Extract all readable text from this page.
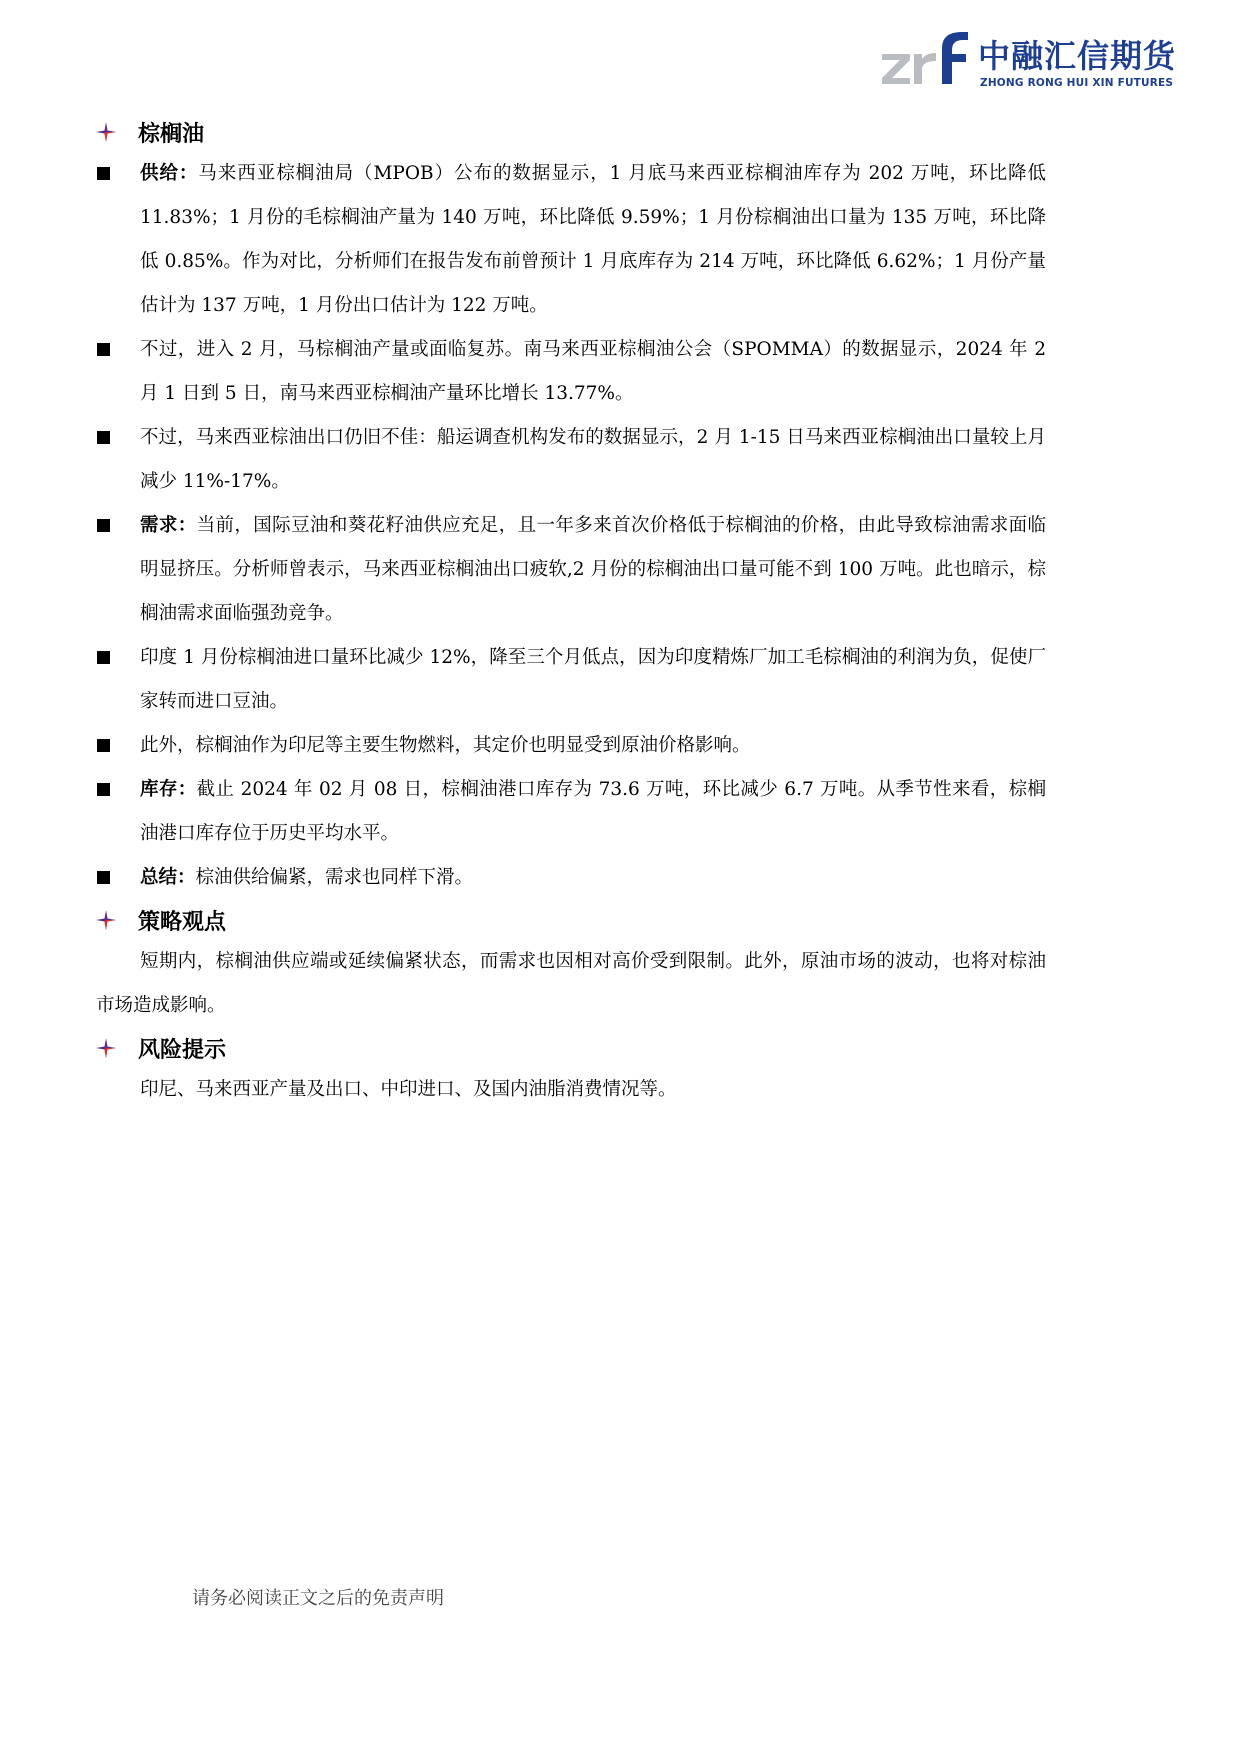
中融汇信期货
ZHONG RONG HUI XIN FUTURES
棕榈油

供给：马来西亚棕榈油局（MPOB）公布的数据显示，1 月底马来西亚棕榈油库存为 202 万吨，环比降低 11.83%；1 月份的毛棕榈油产量为 140 万吨，环比降低 9.59%；1 月份棕榈油出口量为 135 万吨，环比降低 0.85%。作为对比，分析师们在报告发布前曾预计 1 月底库存为 214 万吨，环比降低 6.62%；1 月份产量估计为 137 万吨，1 月份出口估计为 122 万吨。

不过，进入 2 月，马棕榈油产量或面临复苏。南马来西亚棕榈油公会（SPOMMA）的数据显示，2024 年 2 月 1 日到 5 日，南马来西亚棕榈油产量环比增长 13.77%。

不过，马来西亚棕油出口仍旧不佳：船运调查机构发布的数据显示，2 月 1-15 日马来西亚棕榈油出口量较上月减少 11%-17%。

需求：当前，国际豆油和葵花籽油供应充足，且一年多来首次价格低于棕榈油的价格，由此导致棕油需求面临明显挤压。分析师曾表示，马来西亚棕榈油出口疲软,2 月份的棕榈油出口量可能不到 100 万吨。此也暗示，棕榈油需求面临强劲竞争。

印度 1 月份棕榈油进口量环比减少 12%，降至三个月低点，因为印度精炼厂加工毛棕榈油的利润为负，促使厂家转而进口豆油。

此外，棕榈油作为印尼等主要生物燃料，其定价也明显受到原油价格影响。

库存：截止 2024 年 02 月 08 日，棕榈油港口库存为 73.6 万吨，环比减少 6.7 万吨。从季节性来看，棕榈油港口库存位于历史平均水平。

总结：棕油供给偏紧，需求也同样下滑。

策略观点

短期内，棕榈油供应端或延续偏紧状态，而需求也因相对高价受到限制。此外，原油市场的波动，也将对棕油市场造成影响。

风险提示

印尼、马来西亚产量及出口、中印进口、及国内油脂消费情况等。

请务必阅读正文之后的免责声明
